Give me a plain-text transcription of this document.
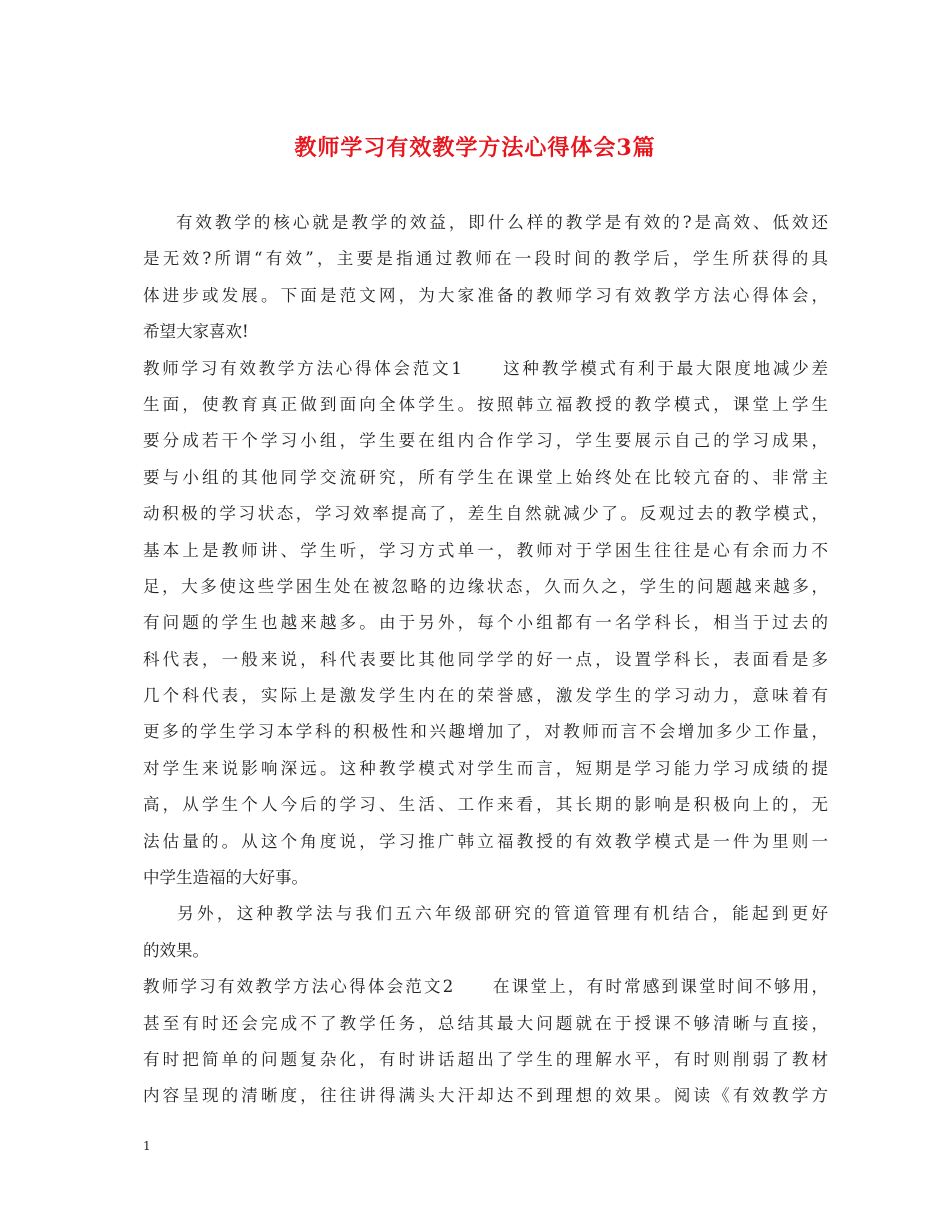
教师学习有效教学方法心得体会3篇
有效教学的核心就是教学的效益，即什么样的教学是有效的?是高效、低效还
是无效?所谓“有效”，主要是指通过教师在一段时间的教学后，学生所获得的具
体进步或发展。下面是范文网，为大家准备的教师学习有效教学方法心得体会，
希望大家喜欢!
教师学习有效教学方法心得体会范文1　　这种教学模式有利于最大限度地减少差
生面，使教育真正做到面向全体学生。按照韩立福教授的教学模式，课堂上学生
要分成若干个学习小组，学生要在组内合作学习，学生要展示自己的学习成果，
要与小组的其他同学交流研究，所有学生在课堂上始终处在比较亢奋的、非常主
动积极的学习状态，学习效率提高了，差生自然就减少了。反观过去的教学模式，
基本上是教师讲、学生听，学习方式单一，教师对于学困生往往是心有余而力不
足，大多使这些学困生处在被忽略的边缘状态，久而久之，学生的问题越来越多，
有问题的学生也越来越多。由于另外，每个小组都有一名学科长，相当于过去的
科代表，一般来说，科代表要比其他同学学的好一点，设置学科长，表面看是多
几个科代表，实际上是激发学生内在的荣誉感，激发学生的学习动力，意味着有
更多的学生学习本学科的积极性和兴趣增加了，对教师而言不会增加多少工作量，
对学生来说影响深远。这种教学模式对学生而言，短期是学习能力学习成绩的提
高，从学生个人今后的学习、生活、工作来看，其长期的影响是积极向上的，无
法估量的。从这个角度说，学习推广韩立福教授的有效教学模式是一件为里则一
中学生造福的大好事。
另外，这种教学法与我们五六年级部研究的管道管理有机结合，能起到更好
的效果。
教师学习有效教学方法心得体会范文2　　在课堂上，有时常感到课堂时间不够用，
甚至有时还会完成不了教学任务，总结其最大问题就在于授课不够清晰与直接，
有时把简单的问题复杂化，有时讲话超出了学生的理解水平，有时则削弱了教材
内容呈现的清晰度，往往讲得满头大汗却达不到理想的效果。阅读《有效教学方
1
